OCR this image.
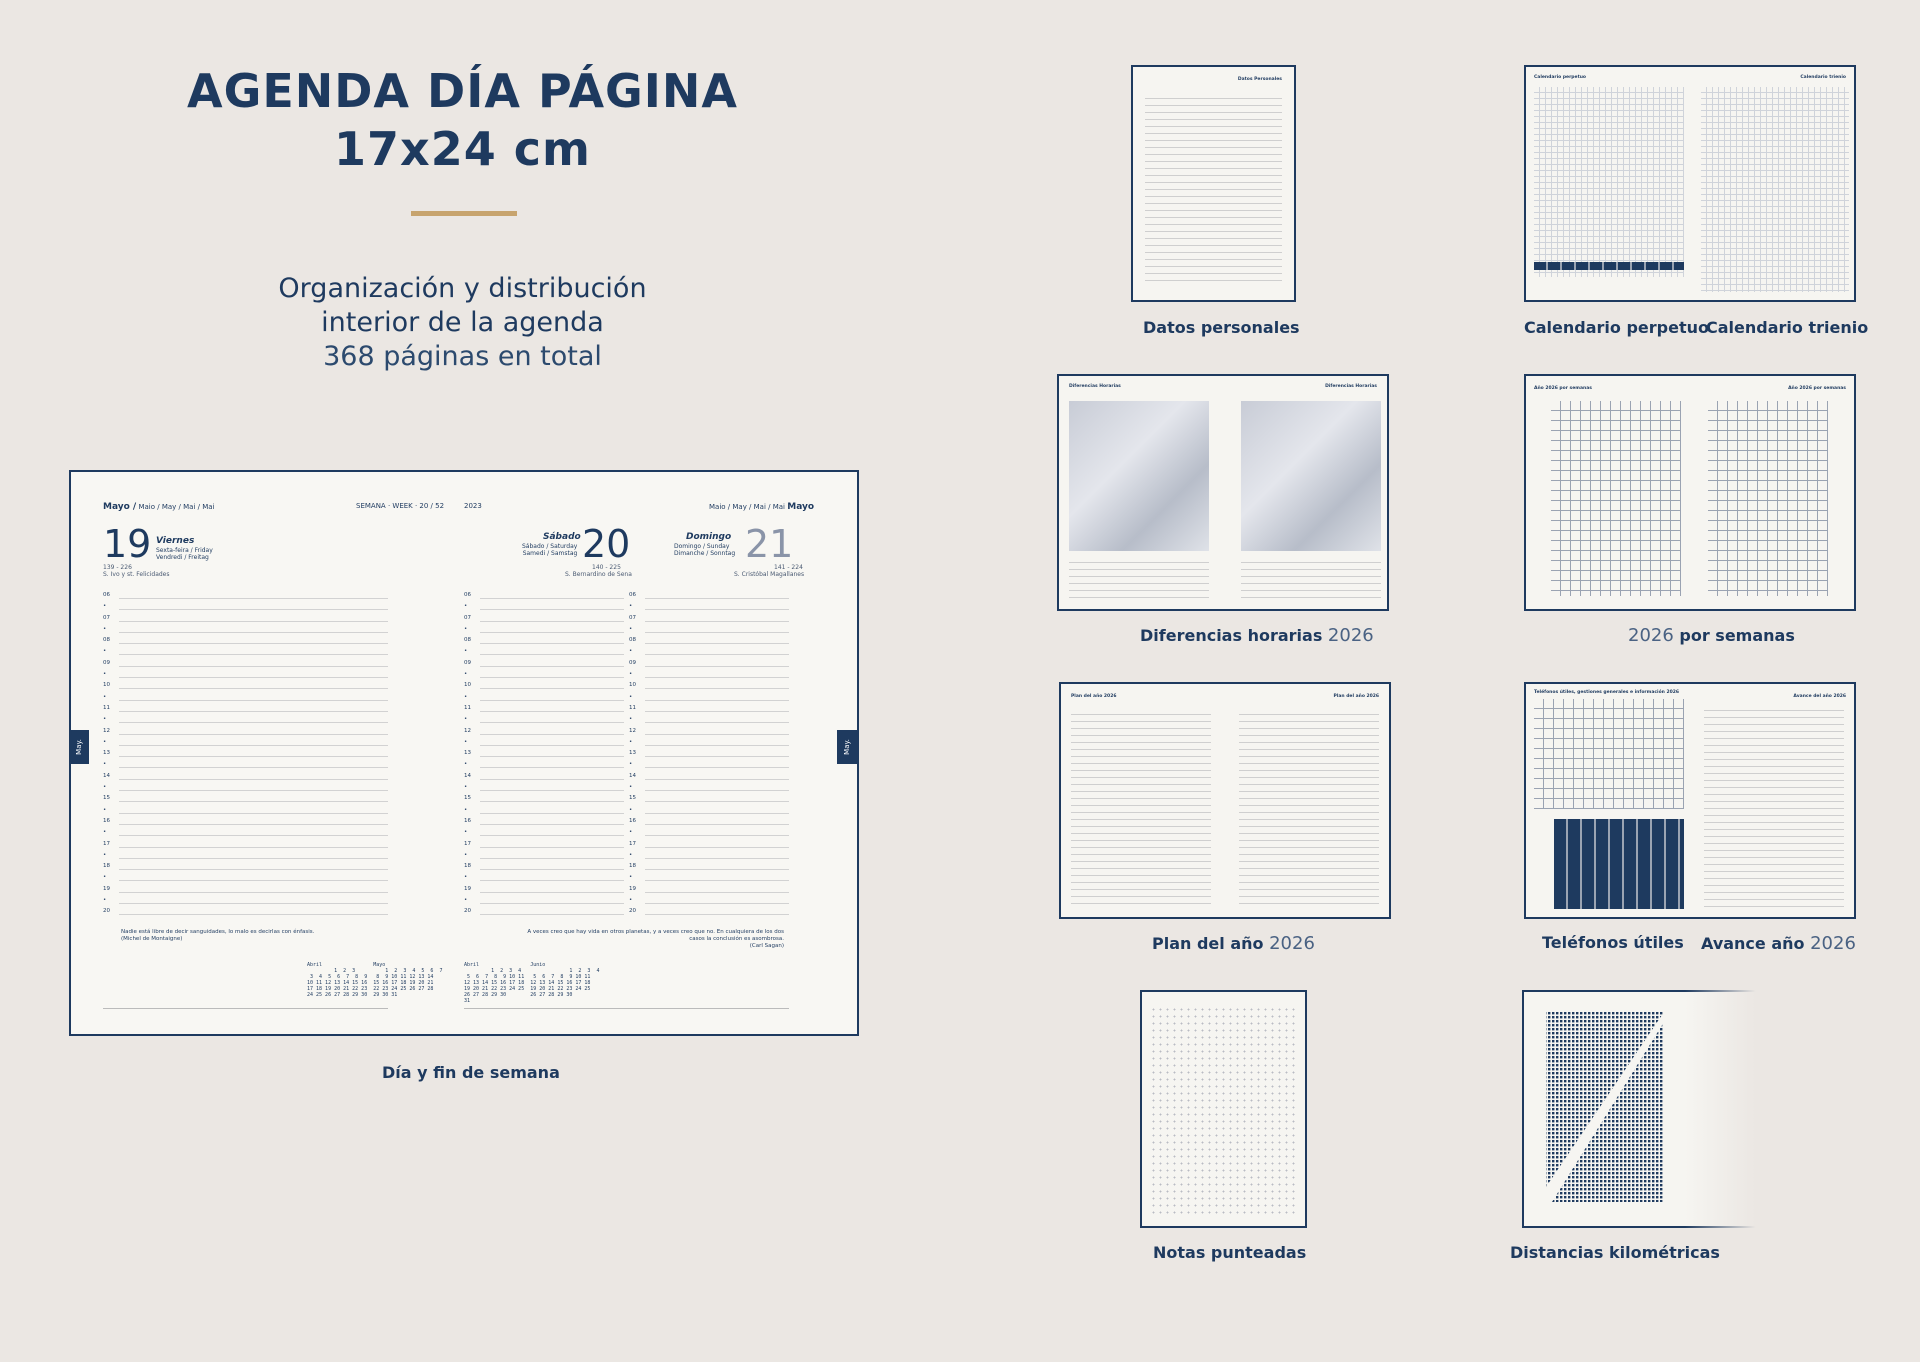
AGENDA DÍA PÁGINA
17x24 cm
Organización y distribución
interior de la agenda
368 páginas en total
Mayo / Maio / May / Mai / Mai	SEMANA · WEEK · 20 / 52
19 Viernes
Sexta-feira / Friday
Vendredi / Freitag
139 - 226
S. Ivo y st. Felicidades
06
•
07
•
08
•
09
•
10
•
11
•
12
•
13
•
14
•
15
•
16
•
17
•
18
•
19
•
20
Nadie está libre de decir sanguidades, lo malo es decirlas con énfasis.
(Michel de Montaigne)
Abril                 Mayo
1  2  3          1  2  3  4  5  6  7
3  4  5  6  7  8  9   8  9 10 11 12 13 14
10 11 12 13 14 15 16  15 16 17 18 19 20 21
17 18 19 20 21 22 23  22 23 24 25 26 27 28
24 25 26 27 28 29 30  29 30 31
2023	Maio / May / Mai / Mai Mayo
Sábado
Sábado / Saturday
Samedi / Samstag 20
140 - 225
S. Bernardino de Sena
Domingo
Domingo / Sunday
Dimanche / Sonntag 21
141 - 224
S. Cristóbal Magallanes
06
•
07
•
08
•
09
•
10
•
11
•
12
•
13
•
14
•
15
•
16
•
17
•
18
•
19
•
20
06
•
07
•
08
•
09
•
10
•
11
•
12
•
13
•
14
•
15
•
16
•
17
•
18
•
19
•
20
A veces creo que hay vida en otros planetas, y a veces creo que no. En cualquiera de los dos casos la conclusión es asombrosa.
(Carl Sagan)
Abril                 Junio
1  2  3  4                1  2  3  4
5  6  7  8  9 10 11   5  6  7  8  9 10 11
12 13 14 15 16 17 18  12 13 14 15 16 17 18
19 20 21 22 23 24 25  19 20 21 22 23 24 25
26 27 28 29 30        26 27 28 29 30
31
May.	May.
Día y fin de semana
Datos Personales
Datos personales
Calendario perpetuo	Calendario trienio
Calendario perpetuo
Calendario trienio
Diferencias Horarias	Diferencias Horarias
Diferencias horarias 2026
Año 2026 por semanas	Año 2026 por semanas
2026 por semanas
Plan del año 2026	Plan del año 2026
Plan del año 2026
Teléfonos útiles, gestiones generales e información 2026
Avance del año 2026
Teléfonos útiles Avance año 2026
Notas punteadas	Distancias kilométricas
